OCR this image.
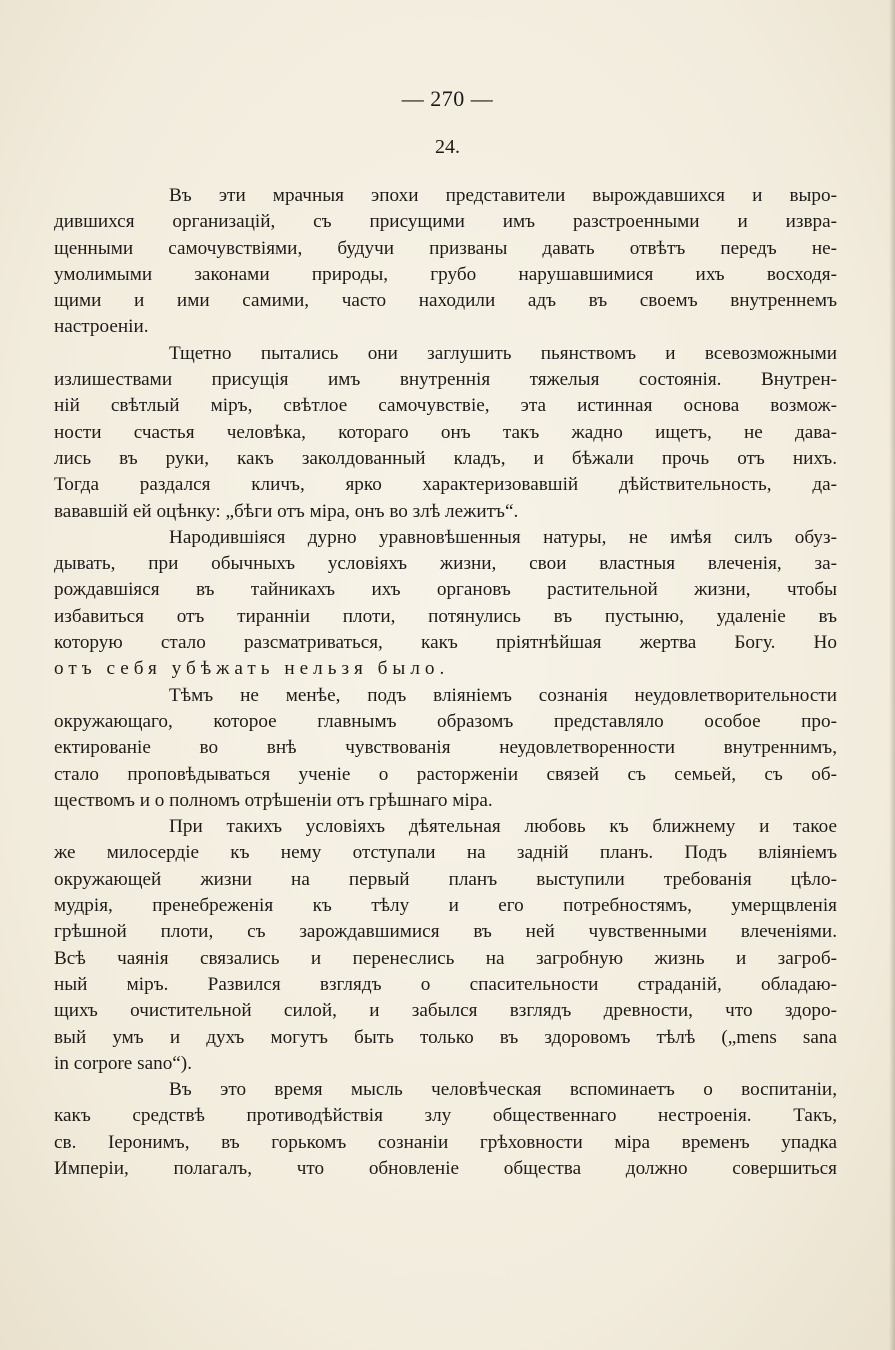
— 270 —
24.
Въ эти мрачныя эпохи представители вырождавшихся и выро-
дившихся организацій, съ присущими имъ разстроенными и извра-
щенными самочувствіями, будучи призваны давать отвѣтъ передъ не-
умолимыми законами природы, грубо нарушавшимися ихъ восходя-
щими и ими самими, часто находили адъ въ своемъ внутреннемъ
настроеніи.
Тщетно пытались они заглушить пьянствомъ и всевозможными
излишествами присущія имъ внутреннія тяжелыя состоянія. Внутрен-
ній свѣтлый міръ, свѣтлое самочувствіе, эта истинная основа возмож-
ности счастья человѣка, котораго онъ такъ жадно ищетъ, не дава-
лись въ руки, какъ заколдованный кладъ, и бѣжали прочь отъ нихъ.
Тогда раздался кличъ, ярко характеризовавшій дѣйствительность, да-
вававшій ей оцѣнку: „бѣги отъ міра, онъ во злѣ лежитъ“.
Народившіяся дурно уравновѣшенныя натуры, не имѣя силъ обуз-
дывать, при обычныхъ условіяхъ жизни, свои властныя влеченія, за-
рождавшіяся въ тайникахъ ихъ органовъ растительной жизни, чтобы
избавиться отъ тиранніи плоти, потянулись въ пустыню, удаленіе въ
которую стало разсматриваться, какъ пріятнѣйшая жертва Богу. Но
отъ себя убѣжать нельзя было.
Тѣмъ не менѣе, подъ вліяніемъ сознанія неудовлетворительности
окружающаго, которое главнымъ образомъ представляло особое про-
ектированіе во внѣ чувствованія неудовлетворенности внутреннимъ,
стало проповѣдываться ученіе о расторженіи связей съ семьей, съ об-
ществомъ и о полномъ отрѣшеніи отъ грѣшнаго міра.
При такихъ условіяхъ дѣятельная любовь къ ближнему и такое
же милосердіе къ нему отступали на задній планъ. Подъ вліяніемъ
окружающей жизни на первый планъ выступили требованія цѣло-
мудрія, пренебреженія къ тѣлу и его потребностямъ, умерщвленія
грѣшной плоти, съ зарождавшимися въ ней чувственными влеченіями.
Всѣ чаянія связались и перенеслись на загробную жизнь и загроб-
ный міръ. Развился взглядъ о спасительности страданій, обладаю-
щихъ очистительной силой, и забылся взглядъ древности, что здоро-
вый умъ и духъ могутъ быть только въ здоровомъ тѣлѣ („mens sana
in corpore sano“).
Въ это время мысль человѣческая вспоминаетъ о воспитаніи,
какъ средствѣ противодѣйствія злу общественнаго нестроенія. Такъ,
св. Іеронимъ, въ горькомъ сознаніи грѣховности міра временъ упадка
Имперіи, полагалъ, что обновленіе общества должно совершиться
